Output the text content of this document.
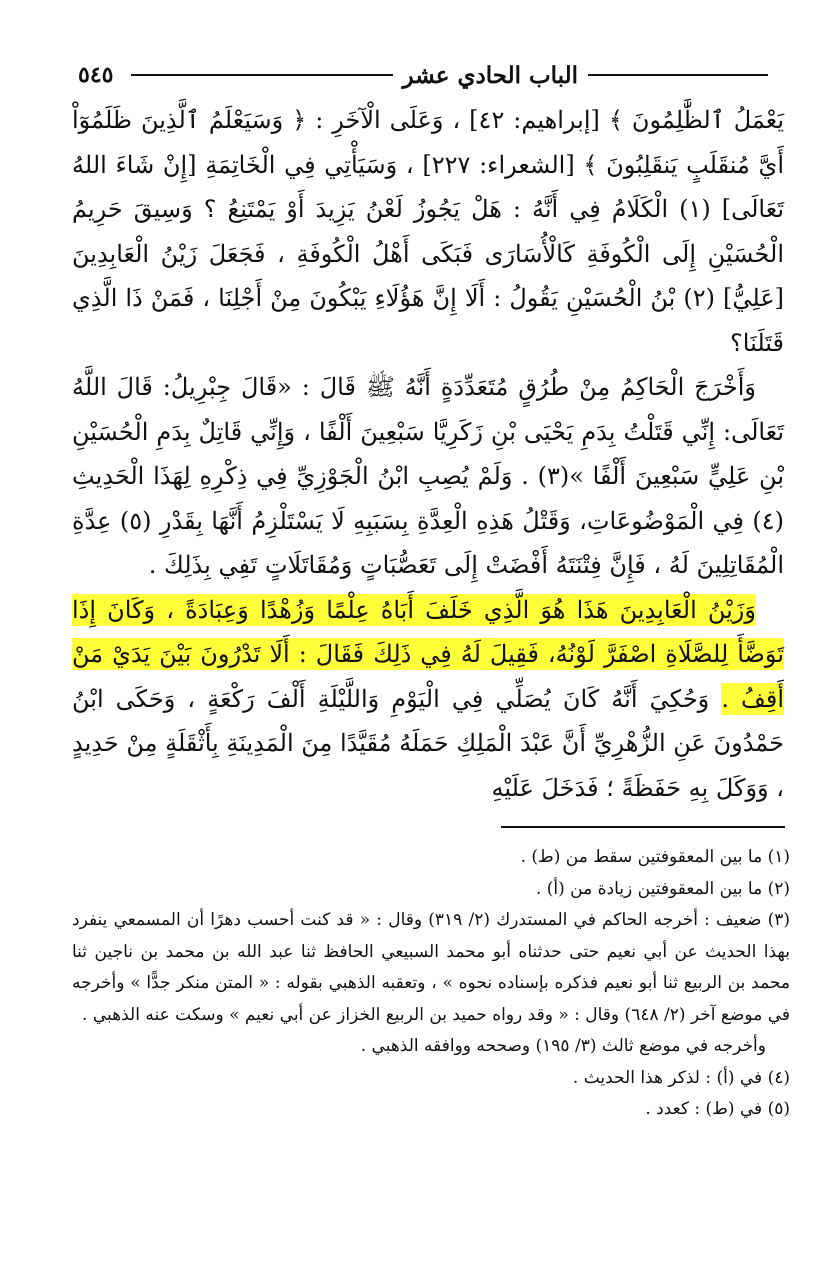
٥٤٥	الباب الحادي عشر

يَعْمَلُ ٱلظَّٰلِمُونَ ﴾ [إبراهيم: ٤٢] ، وَعَلَى الْآخَرِ : ﴿ وَسَيَعْلَمُ ٱلَّذِينَ ظَلَمُوٓاْ أَيَّ مُنقَلَبٍ يَنقَلِبُونَ ﴾ [الشعراء: ٢٢٧] ، وَسَيَأْتِي فِي الْخَاتِمَةِ [إِنْ شَاءَ اللهُ تَعَالَى] (١) الْكَلَامُ فِي أَنَّهُ : هَلْ يَجُوزُ لَعْنُ يَزِيدَ أَوْ يَمْتَنِعُ ؟ وَسِيقَ حَرِيمُ الْحُسَيْنِ إِلَى الْكُوفَةِ كَالْأُسَارَى فَبَكَى أَهْلُ الْكُوفَةِ ، فَجَعَلَ زَيْنُ الْعَابِدِينَ [عَلِيُّ] (٢) بْنُ الْحُسَيْنِ يَقُولُ : أَلَا إِنَّ هَؤُلَاءِ يَبْكُونَ مِنْ أَجْلِنَا ، فَمَنْ ذَا الَّذِي قَتَلَنَا؟

وَأَخْرَجَ الْحَاكِمُ مِنْ طُرُقٍ مُتَعَدِّدَةٍ أَنَّهُ ﷺ قَالَ : «قَالَ جِبْرِيلُ: قَالَ اللَّهُ تَعَالَى: إِنِّي قَتَلْتُ بِدَمِ يَحْيَى بْنِ زَكَرِيَّا سَبْعِينَ أَلْفًا ، وَإِنِّي قَاتِلٌ بِدَمِ الْحُسَيْنِ بْنِ عَلِيٍّ سَبْعِينَ أَلْفًا »(٣) . وَلَمْ يُصِبِ ابْنُ الْجَوْزِيِّ فِي ذِكْرِهِ لِهَذَا الْحَدِيثِ (٤) فِي الْمَوْضُوعَاتِ، وَقَتْلُ هَذِهِ الْعِدَّةِ بِسَبَبِهِ لَا يَسْتَلْزِمُ أَنَّهَا بِقَدْرِ (٥) عِدَّةِ الْمُقَاتِلِينَ لَهُ ، فَإِنَّ فِتْنَتَهُ أَفْضَتْ إِلَى تَعَصُّبَاتٍ وَمُقَاتَلَاتٍ تَفِي بِذَلِكَ .

وَزَيْنُ الْعَابِدِينَ هَذَا هُوَ الَّذِي خَلَفَ أَبَاهُ عِلْمًا وَزُهْدًا وَعِبَادَةً ، وَكَانَ إِذَا تَوَضَّأَ لِلصَّلَاةِ اصْفَرَّ لَوْنُهُ، فَقِيلَ لَهُ فِي ذَلِكَ فَقَالَ : أَلَا تَدْرُونَ بَيْنَ يَدَيْ مَنْ أَقِفُ . وَحُكِيَ أَنَّهُ كَانَ يُصَلِّي فِي الْيَوْمِ وَاللَّيْلَةِ أَلْفَ رَكْعَةٍ ، وَحَكَى ابْنُ حَمْدُونَ عَنِ الزُّهْرِيِّ أَنَّ عَبْدَ الْمَلِكِ حَمَلَهُ مُقَيَّدًا مِنَ الْمَدِينَةِ بِأَثْقَلَةٍ مِنْ حَدِيدٍ ، وَوَكَلَ بِهِ حَفَظَةً ؛ فَدَخَلَ عَلَيْهِ

(١) ما بين المعقوفتين سقط من (ط) .

(٢) ما بين المعقوفتين زيادة من (أ) .

(٣) ضعيف : أخرجه الحاكم في المستدرك (٢/ ٣١٩) وقال : « قد كنت أحسب دهرًا أن المسمعي ينفرد بهذا الحديث عن أبي نعيم حتى حدثناه أبو محمد السبيعي الحافظ ثنا عبد الله بن محمد بن ناجين ثنا محمد بن الربيع ثنا أبو نعيم فذكره بإسناده نحوه » ، وتعقبه الذهبي بقوله : « المتن منكر جدًّا » وأخرجه في موضع آخر (٢/ ٦٤٨) وقال : « وقد رواه حميد بن الربيع الخزاز عن أبي نعيم » وسكت عنه الذهبي .

وأخرجه في موضع ثالث (٣/ ١٩٥) وصححه ووافقه الذهبي .

(٤) في (أ) : لذكر هذا الحديث .

(٥) في (ط) : كعدد .
